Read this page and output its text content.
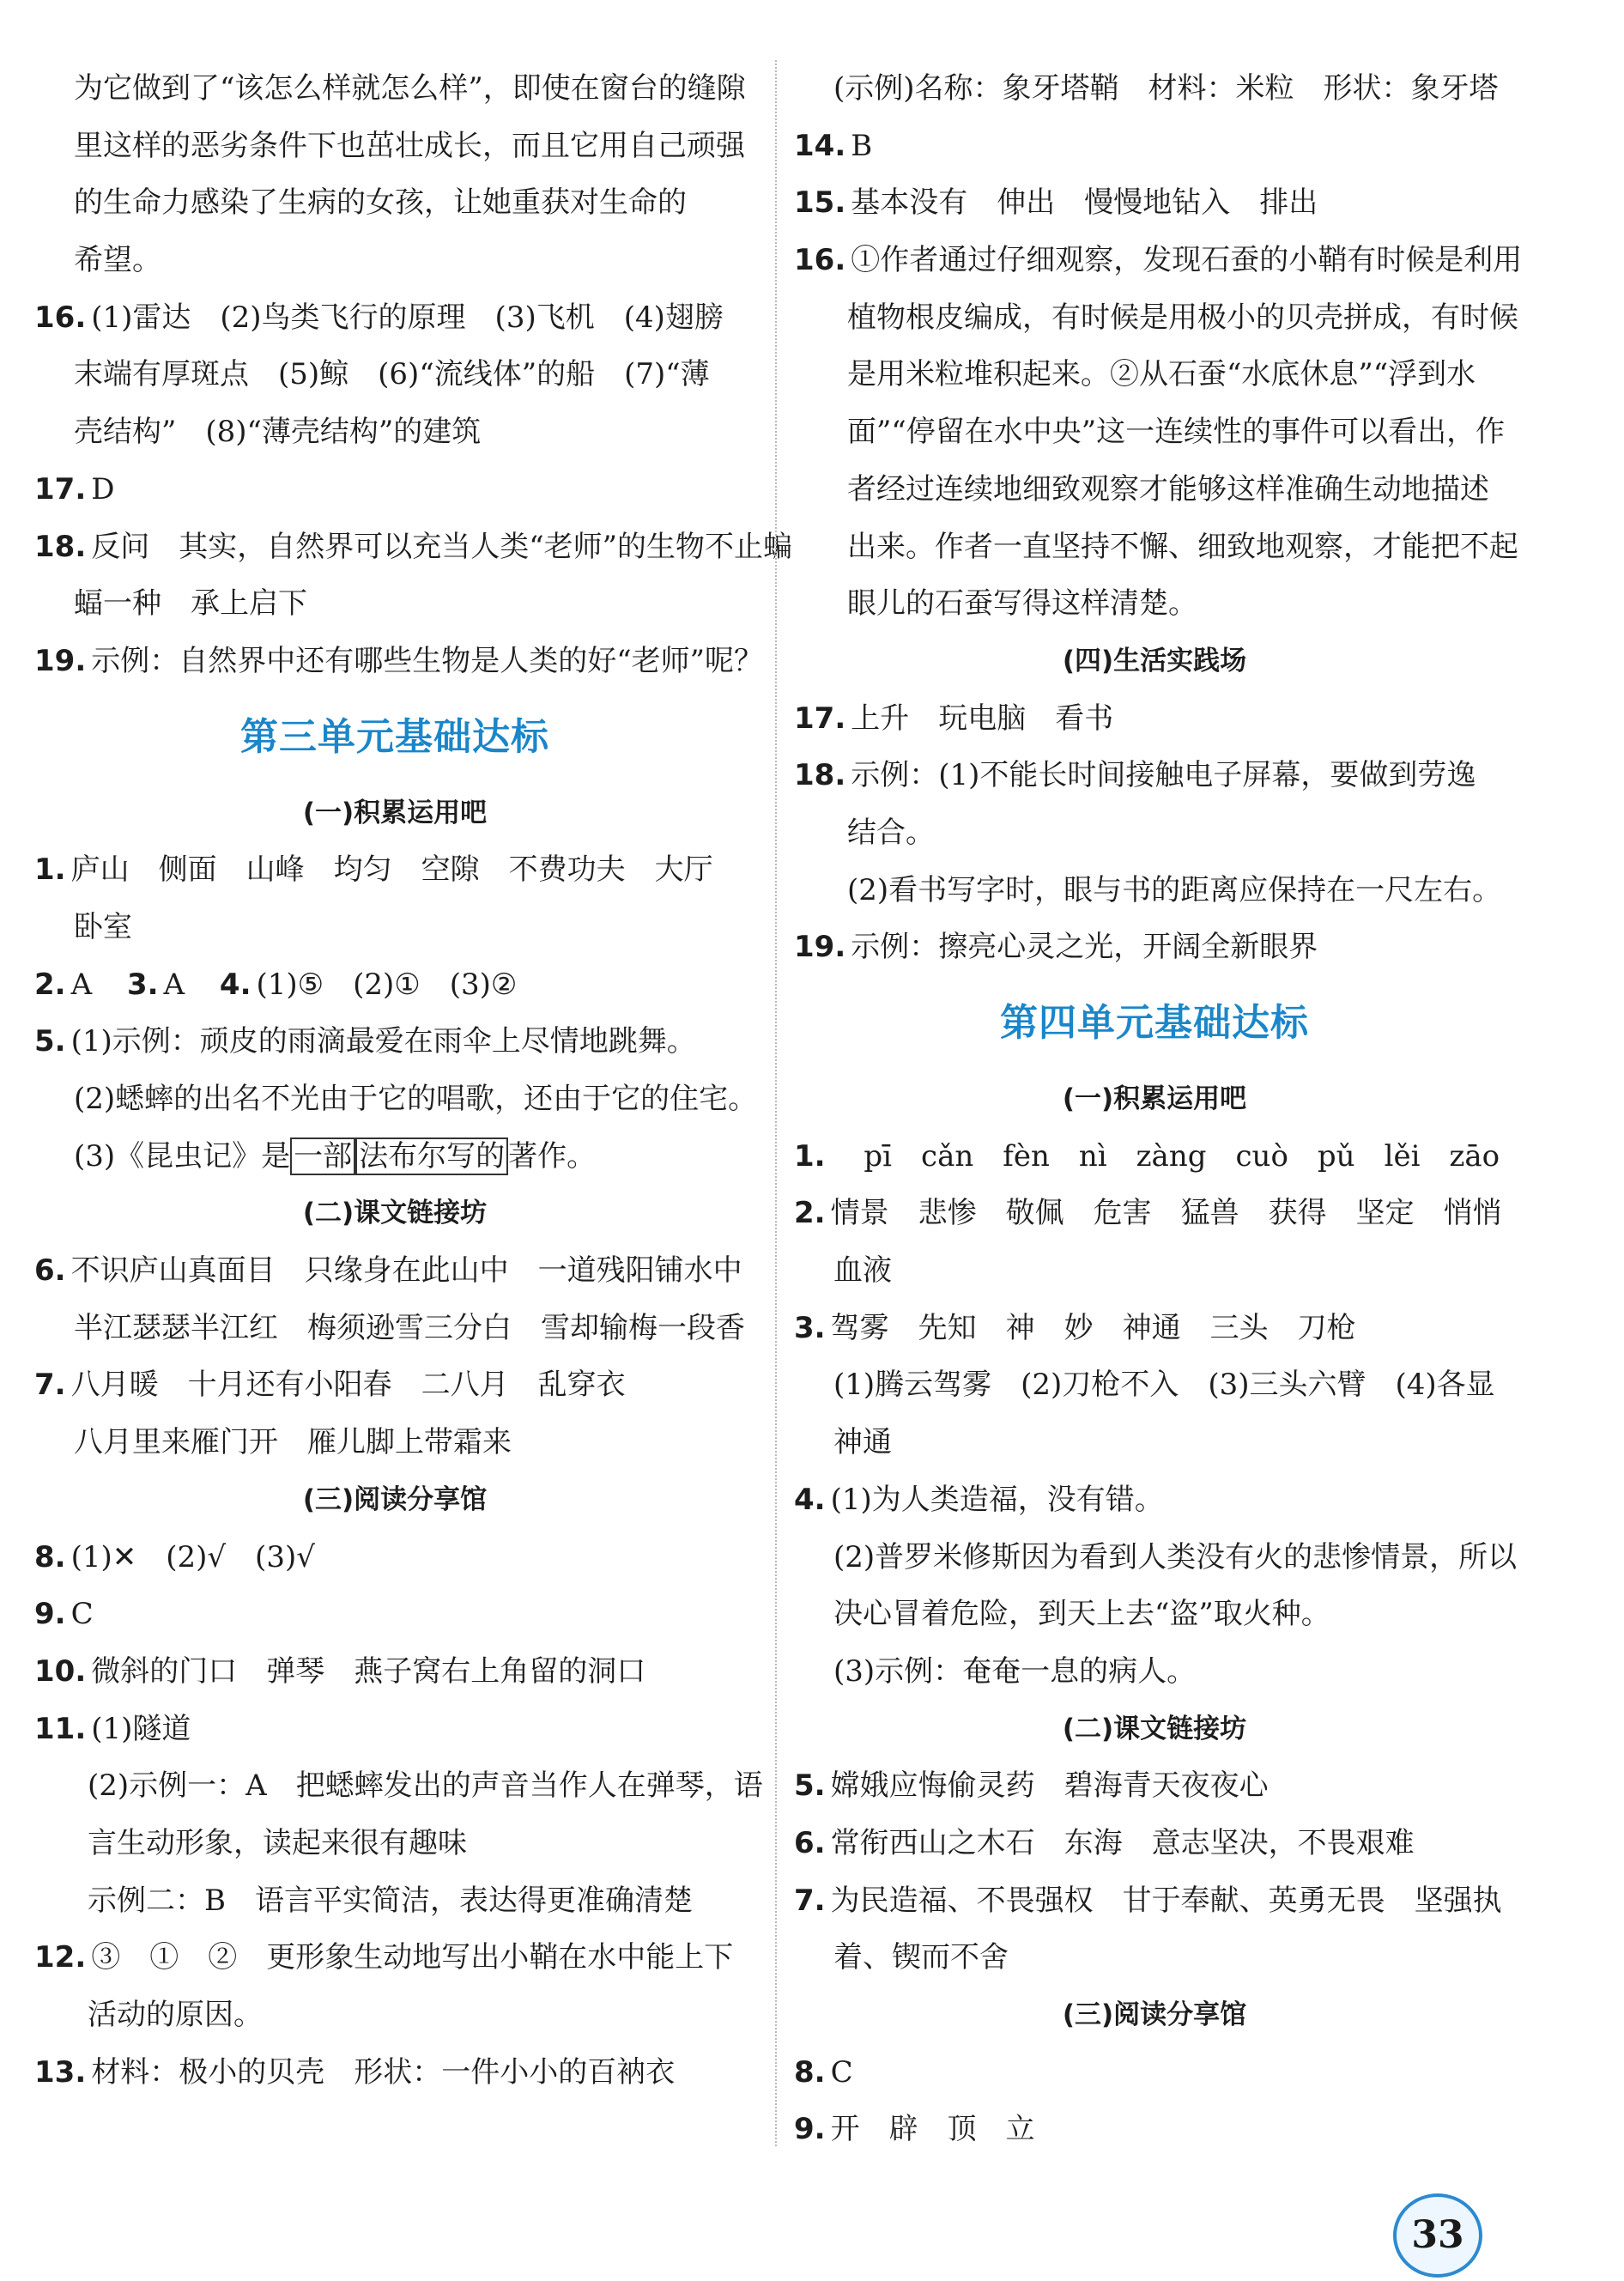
为它做到了“该怎么样就怎么样”，即使在窗台的缝隙
里这样的恶劣条件下也茁壮成长，而且它用自己顽强
的生命力感染了生病的女孩，让她重获对生命的
希望。
16. (1)雷达　(2)鸟类飞行的原理　(3)飞机　(4)翅膀
末端有厚斑点　(5)鲸　(6)“流线体”的船　(7)“薄
壳结构”　(8)“薄壳结构”的建筑
17. D
18. 反问　其实，自然界可以充当人类“老师”的生物不止蝙
蝠一种　承上启下
19. 示例：自然界中还有哪些生物是人类的好“老师”呢？
第三单元基础达标
(一)积累运用吧
1. 庐山　侧面　山峰　均匀　空隙　不费功夫　大厅
卧室
2. A 3. A 4. (1)⑤　(2)①　(3)②
5. (1)示例：顽皮的雨滴最爱在雨伞上尽情地跳舞。
(2)蟋蟀的出名不光由于它的唱歌，还由于它的住宅。
(3)《昆虫记》是 一部 法布尔写的 著作。
(二)课文链接坊
6. 不识庐山真面目　只缘身在此山中　一道残阳铺水中
半江瑟瑟半江红　梅须逊雪三分白　雪却输梅一段香
7. 八月暖　十月还有小阳春　二八月　乱穿衣
八月里来雁门开　雁儿脚上带霜来
(三)阅读分享馆
8. (1)✕　(2)√　(3)√
9. C
10. 微斜的门口　弹琴　燕子窝右上角留的洞口
11. (1)隧道
(2)示例一：A　把蟋蟀发出的声音当作人在弹琴，语
言生动形象，读起来很有趣味
示例二：B　语言平实简洁，表达得更准确清楚
12. ③　①　②　更形象生动地写出小鞘在水中能上下
活动的原因。
13. 材料：极小的贝壳　形状：一件小小的百衲衣
(示例)名称：象牙塔鞘　材料：米粒　形状：象牙塔
14. B
15. 基本没有　伸出　慢慢地钻入　排出
16. ①作者通过仔细观察，发现石蚕的小鞘有时候是利用
植物根皮编成，有时候是用极小的贝壳拼成，有时候
是用米粒堆积起来。②从石蚕“水底休息”“浮到水
面”“停留在水中央”这一连续性的事件可以看出，作
者经过连续地细致观察才能够这样准确生动地描述
出来。作者一直坚持不懈、细致地观察，才能把不起
眼儿的石蚕写得这样清楚。
(四)生活实践场
17. 上升　玩电脑　看书
18. 示例：(1)不能长时间接触电子屏幕，要做到劳逸
结合。
(2)看书写字时，眼与书的距离应保持在一尺左右。
19. 示例：擦亮心灵之光，开阔全新眼界
第四单元基础达标
(一)积累运用吧
1. pī cǎn fèn nì zàng cuò pǔ lěi zāo
2. 情景　悲惨　敬佩　危害　猛兽　获得　坚定　悄悄
血液
3. 驾雾　先知　神　妙　神通　三头　刀枪
(1)腾云驾雾　(2)刀枪不入　(3)三头六臂　(4)各显
神通
4. (1)为人类造福，没有错。
(2)普罗米修斯因为看到人类没有火的悲惨情景，所以
决心冒着危险，到天上去“盗”取火种。
(3)示例：奄奄一息的病人。
(二)课文链接坊
5. 嫦娥应悔偷灵药　碧海青天夜夜心
6. 常衔西山之木石　东海　意志坚决，不畏艰难
7. 为民造福、不畏强权　甘于奉献、英勇无畏　坚强执
着、锲而不舍
(三)阅读分享馆
8. C
9. 开　辟　顶　立
33
